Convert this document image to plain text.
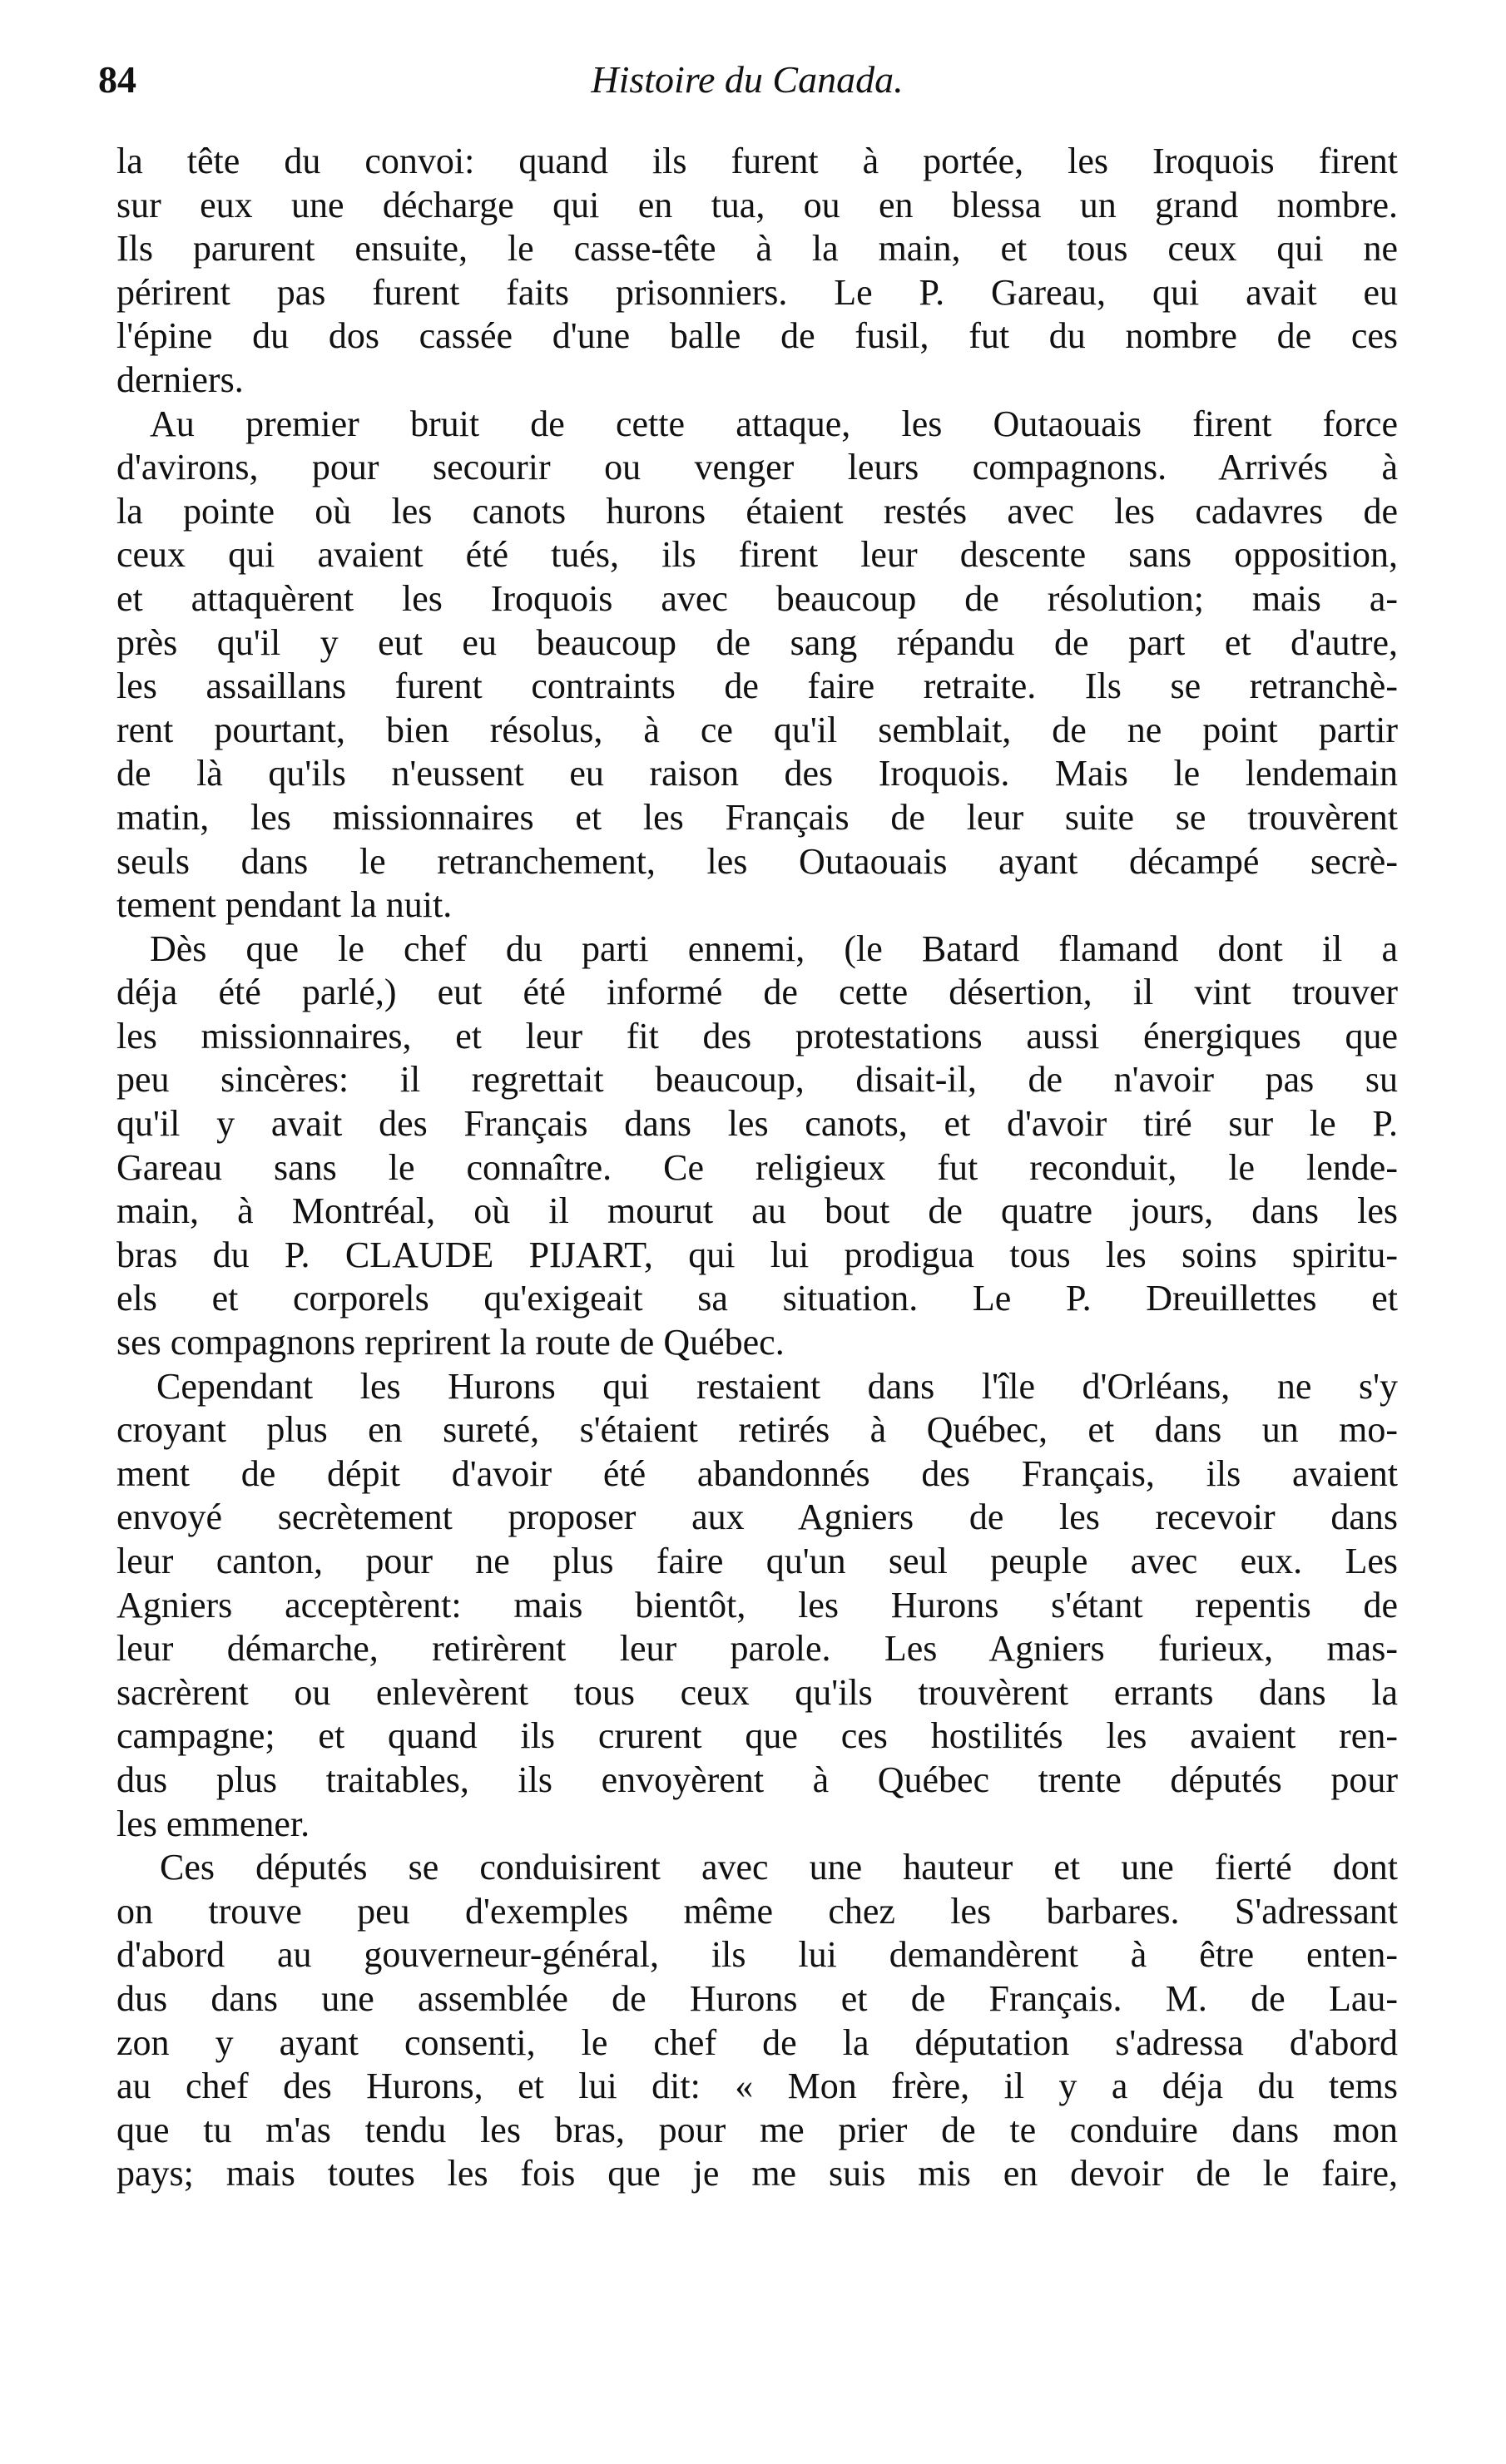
84	Histoire du Canada.
la tête du convoi: quand ils furent à portée, les Iroquois firent
sur eux une décharge qui en tua, ou en blessa un grand nombre.
Ils parurent ensuite, le casse-tête à la main, et tous ceux qui ne
périrent pas furent faits prisonniers. Le P. Gareau, qui avait eu
l'épine du dos cassée d'une balle de fusil, fut du nombre de ces
derniers.
Au premier bruit de cette attaque, les Outaouais firent force
d'avirons, pour secourir ou venger leurs compagnons. Arrivés à
la pointe où les canots hurons étaient restés avec les cadavres de
ceux qui avaient été tués, ils firent leur descente sans opposition,
et attaquèrent les Iroquois avec beaucoup de résolution; mais a-
près qu'il y eut eu beaucoup de sang répandu de part et d'autre,
les assaillans furent contraints de faire retraite. Ils se retranchè-
rent pourtant, bien résolus, à ce qu'il semblait, de ne point partir
de là qu'ils n'eussent eu raison des Iroquois. Mais le lendemain
matin, les missionnaires et les Français de leur suite se trouvèrent
seuls dans le retranchement, les Outaouais ayant décampé secrè-
tement pendant la nuit.
Dès que le chef du parti ennemi, (le Batard flamand dont il a
déja été parlé,) eut été informé de cette désertion, il vint trouver
les missionnaires, et leur fit des protestations aussi énergiques que
peu sincères: il regrettait beaucoup, disait-il, de n'avoir pas su
qu'il y avait des Français dans les canots, et d'avoir tiré sur le P.
Gareau sans le connaître. Ce religieux fut reconduit, le lende-
main, à Montréal, où il mourut au bout de quatre jours, dans les
bras du P. CLAUDE PIJART, qui lui prodigua tous les soins spiritu-
els et corporels qu'exigeait sa situation. Le P. Dreuillettes et
ses compagnons reprirent la route de Québec.
Cependant les Hurons qui restaient dans l'île d'Orléans, ne s'y
croyant plus en sureté, s'étaient retirés à Québec, et dans un mo-
ment de dépit d'avoir été abandonnés des Français, ils avaient
envoyé secrètement proposer aux Agniers de les recevoir dans
leur canton, pour ne plus faire qu'un seul peuple avec eux. Les
Agniers acceptèrent: mais bientôt, les Hurons s'étant repentis de
leur démarche, retirèrent leur parole. Les Agniers furieux, mas-
sacrèrent ou enlevèrent tous ceux qu'ils trouvèrent errants dans la
campagne; et quand ils crurent que ces hostilités les avaient ren-
dus plus traitables, ils envoyèrent à Québec trente députés pour
les emmener.
Ces députés se conduisirent avec une hauteur et une fierté dont
on trouve peu d'exemples même chez les barbares. S'adressant
d'abord au gouverneur-général, ils lui demandèrent à être enten-
dus dans une assemblée de Hurons et de Français. M. de Lau-
zon y ayant consenti, le chef de la députation s'adressa d'abord
au chef des Hurons, et lui dit: « Mon frère, il y a déja du tems
que tu m'as tendu les bras, pour me prier de te conduire dans mon
pays; mais toutes les fois que je me suis mis en devoir de le faire,
